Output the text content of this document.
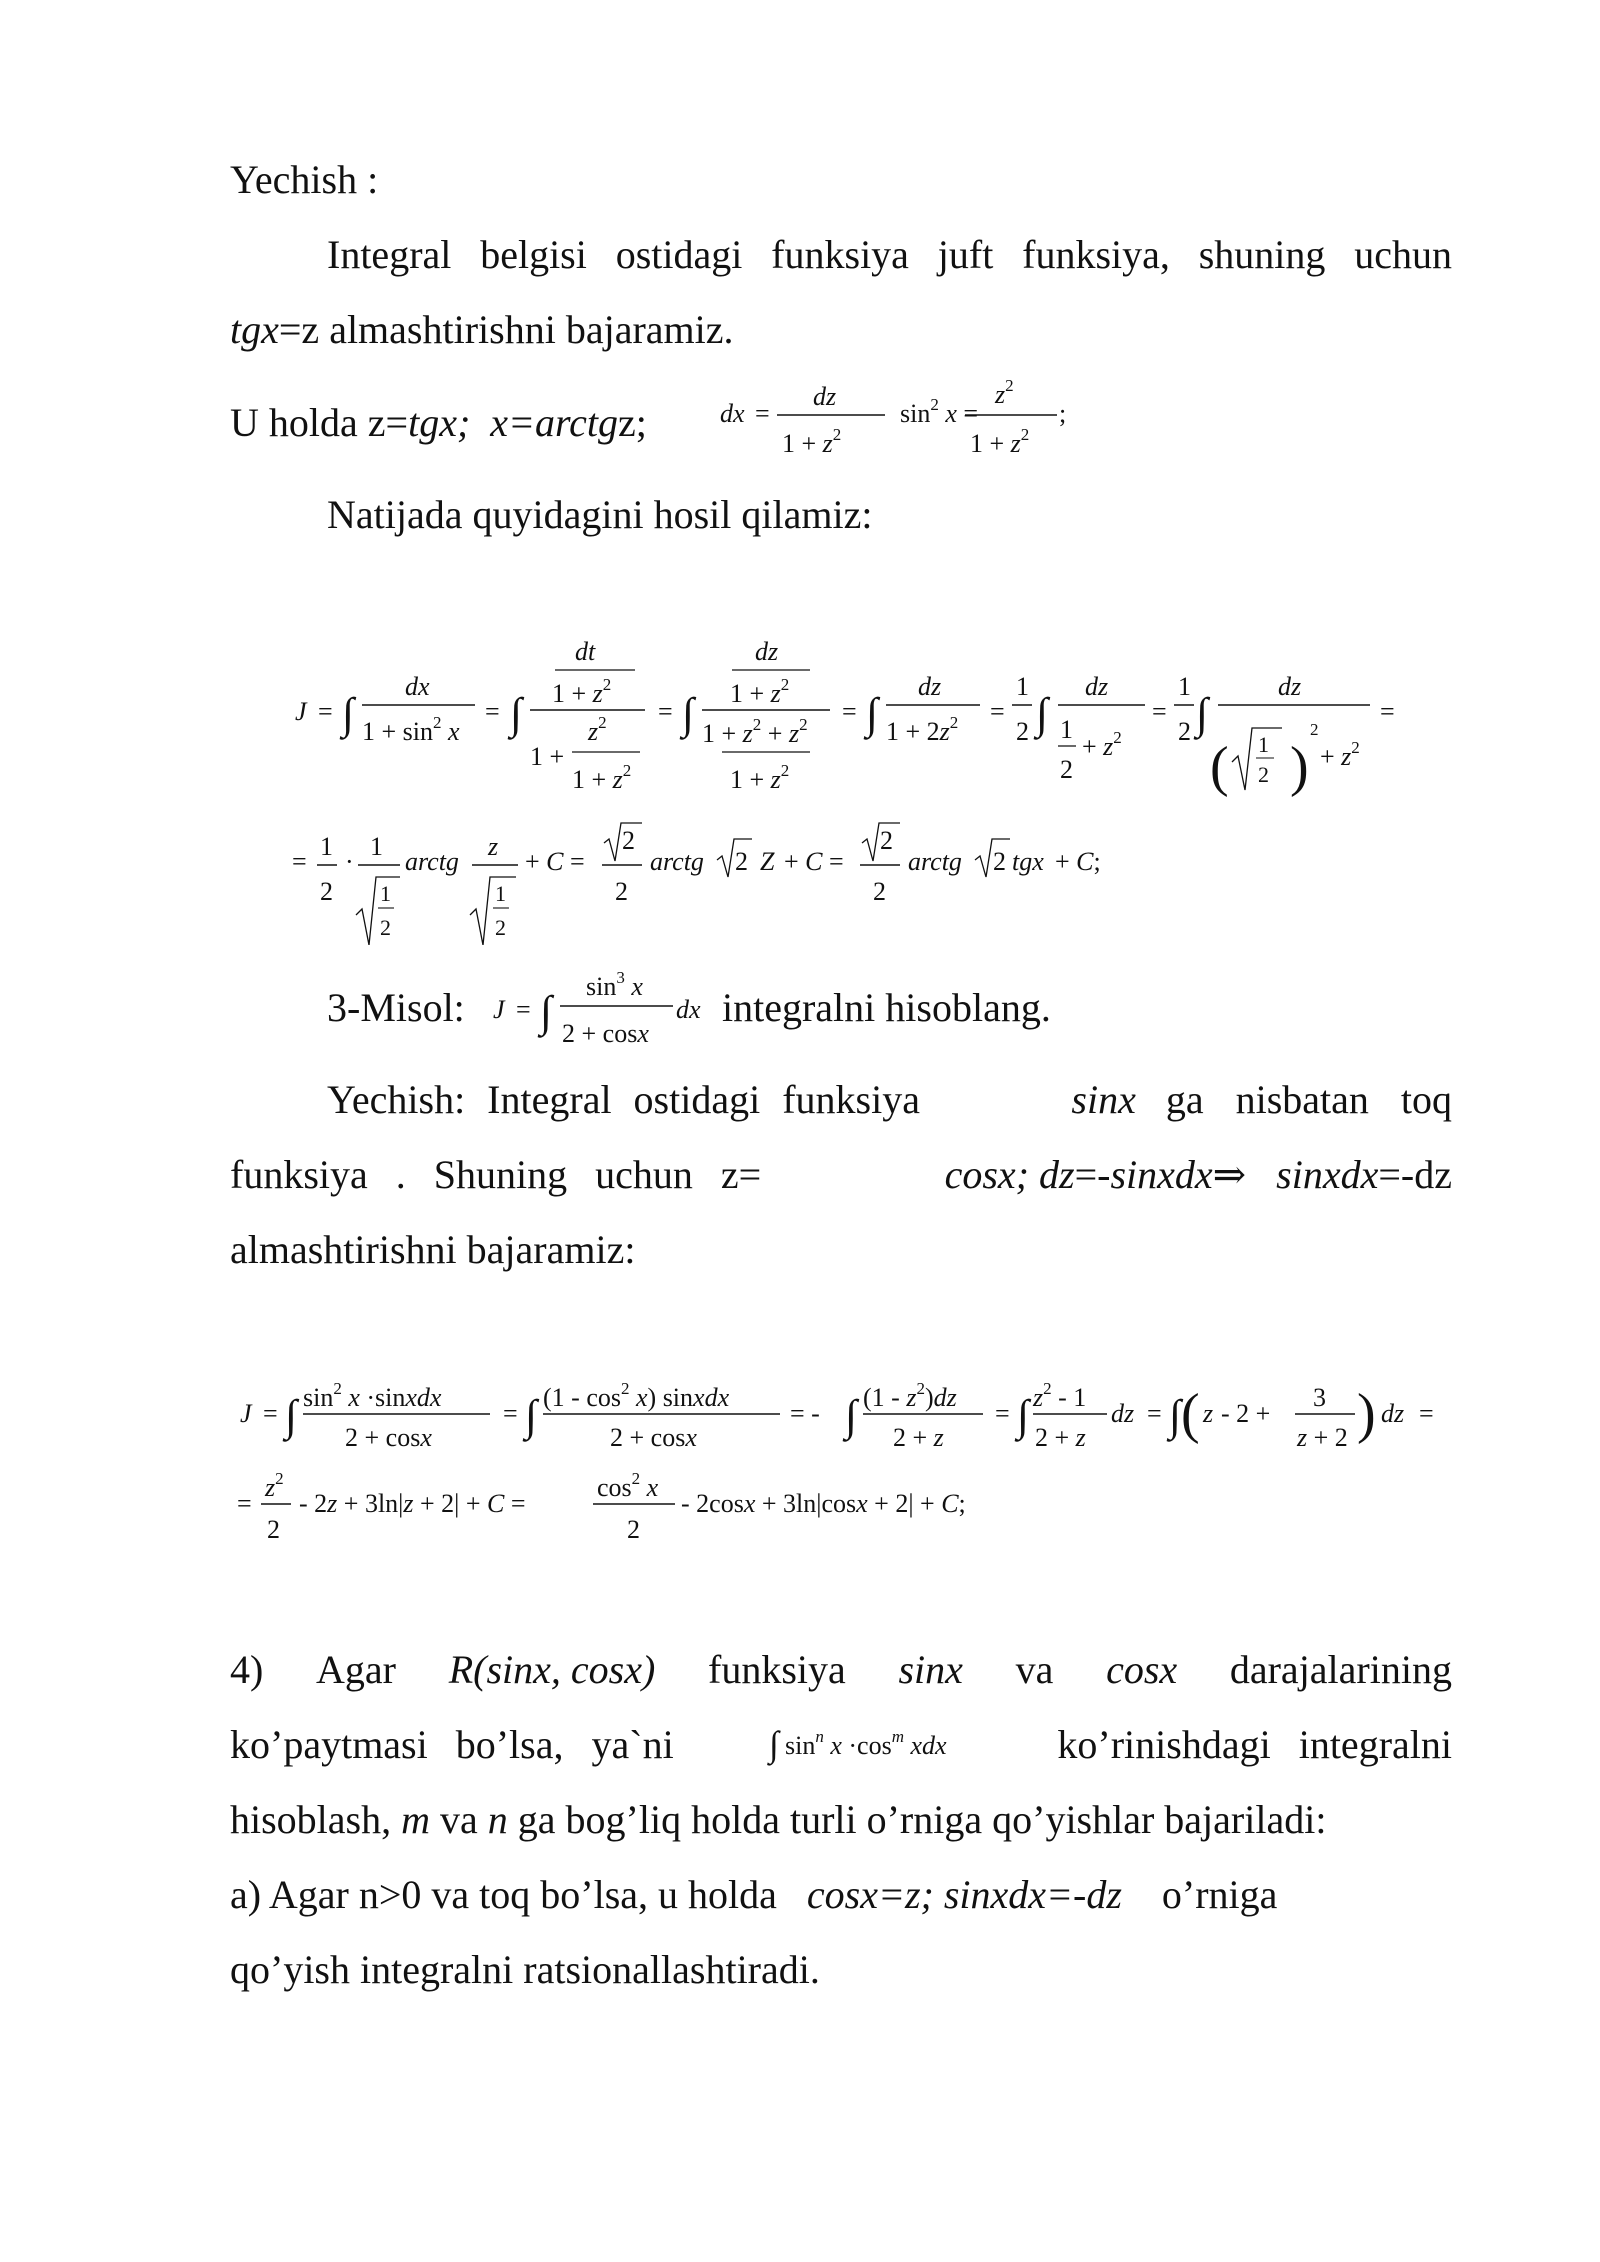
Yechish :
Integral belgisi ostidagi funksiya juft funksiya, shuning uchun
tgx=z almashtirishni bajaramiz.
U holda z=tgx; x=arctgz;	dx =
dz
$1 + z^2$
$\sin^2 x$ =
$z^2$
$1 + z^2$
;
Natijada quyidagini hosil qilamiz:
J = ∫
dx
$1 + \sin^2 x$
= ∫
dt
$1 + z^2$
$z^2$
1 +
$1 + z^2$
= ∫
dz
$1 + z^2$
$1 + z^2 + z^2$
$1 + z^2$
= ∫
dz
$1 + 2z^2$ =
1
2 ∫
dz
1
2
+ $z^2$
=
1
2 ∫
dz
( )
1
2
2
+ $z^2$
=
=
1
2
·
1
1
2
arctg
z
1
2
+ C =
2
2
arctg 2 Z + C =
2
2
arctg 2 tgx + C;
3-Misol:	J = ∫
$\sin^3 x$
2 + cosx
dx integralni hisoblang.
Yechish: Integral ostidagi funksiya	sinx ga nisbatan toq
funksiya . Shuning uchun z=	cosx; dz=-sinxdx⇒ sinxdx=-dz
almashtirishni bajaramiz:
J = ∫ $\sin^2 x$ ·sinxdx
2 + cosx
= ∫ $(1 - \cos^2 x)$ sinxdx
2 + cosx
= - ∫ $(1 - z^2)dz$
2 + z
= ∫ $z^2 - 1$
2 + z
dz = ∫ ( z - 2 +
3
z + 2 ) dz =
=
$z^2$
2
- 2z + 3ln|z + 2| + C =
$\cos^2 x$
2
- 2cosx + 3ln|cosx + 2| + C;
4) Agar R(sinx, cosx) funksiya sinx va cosx darajalarining
ko’paytmasi bo’lsa, ya`ni	∫ $\sin^n x \cdot\cos^m$ xdx	ko’rinishdagi integralni
hisoblash, m va n ga bog’liq holda turli o’rniga qo’yishlar bajariladi:
a) Agar n>0 va toq bo’lsa, u holda cosx=z; sinxdx=-dz o’rniga
qo’yish integralni ratsionallashtiradi.
